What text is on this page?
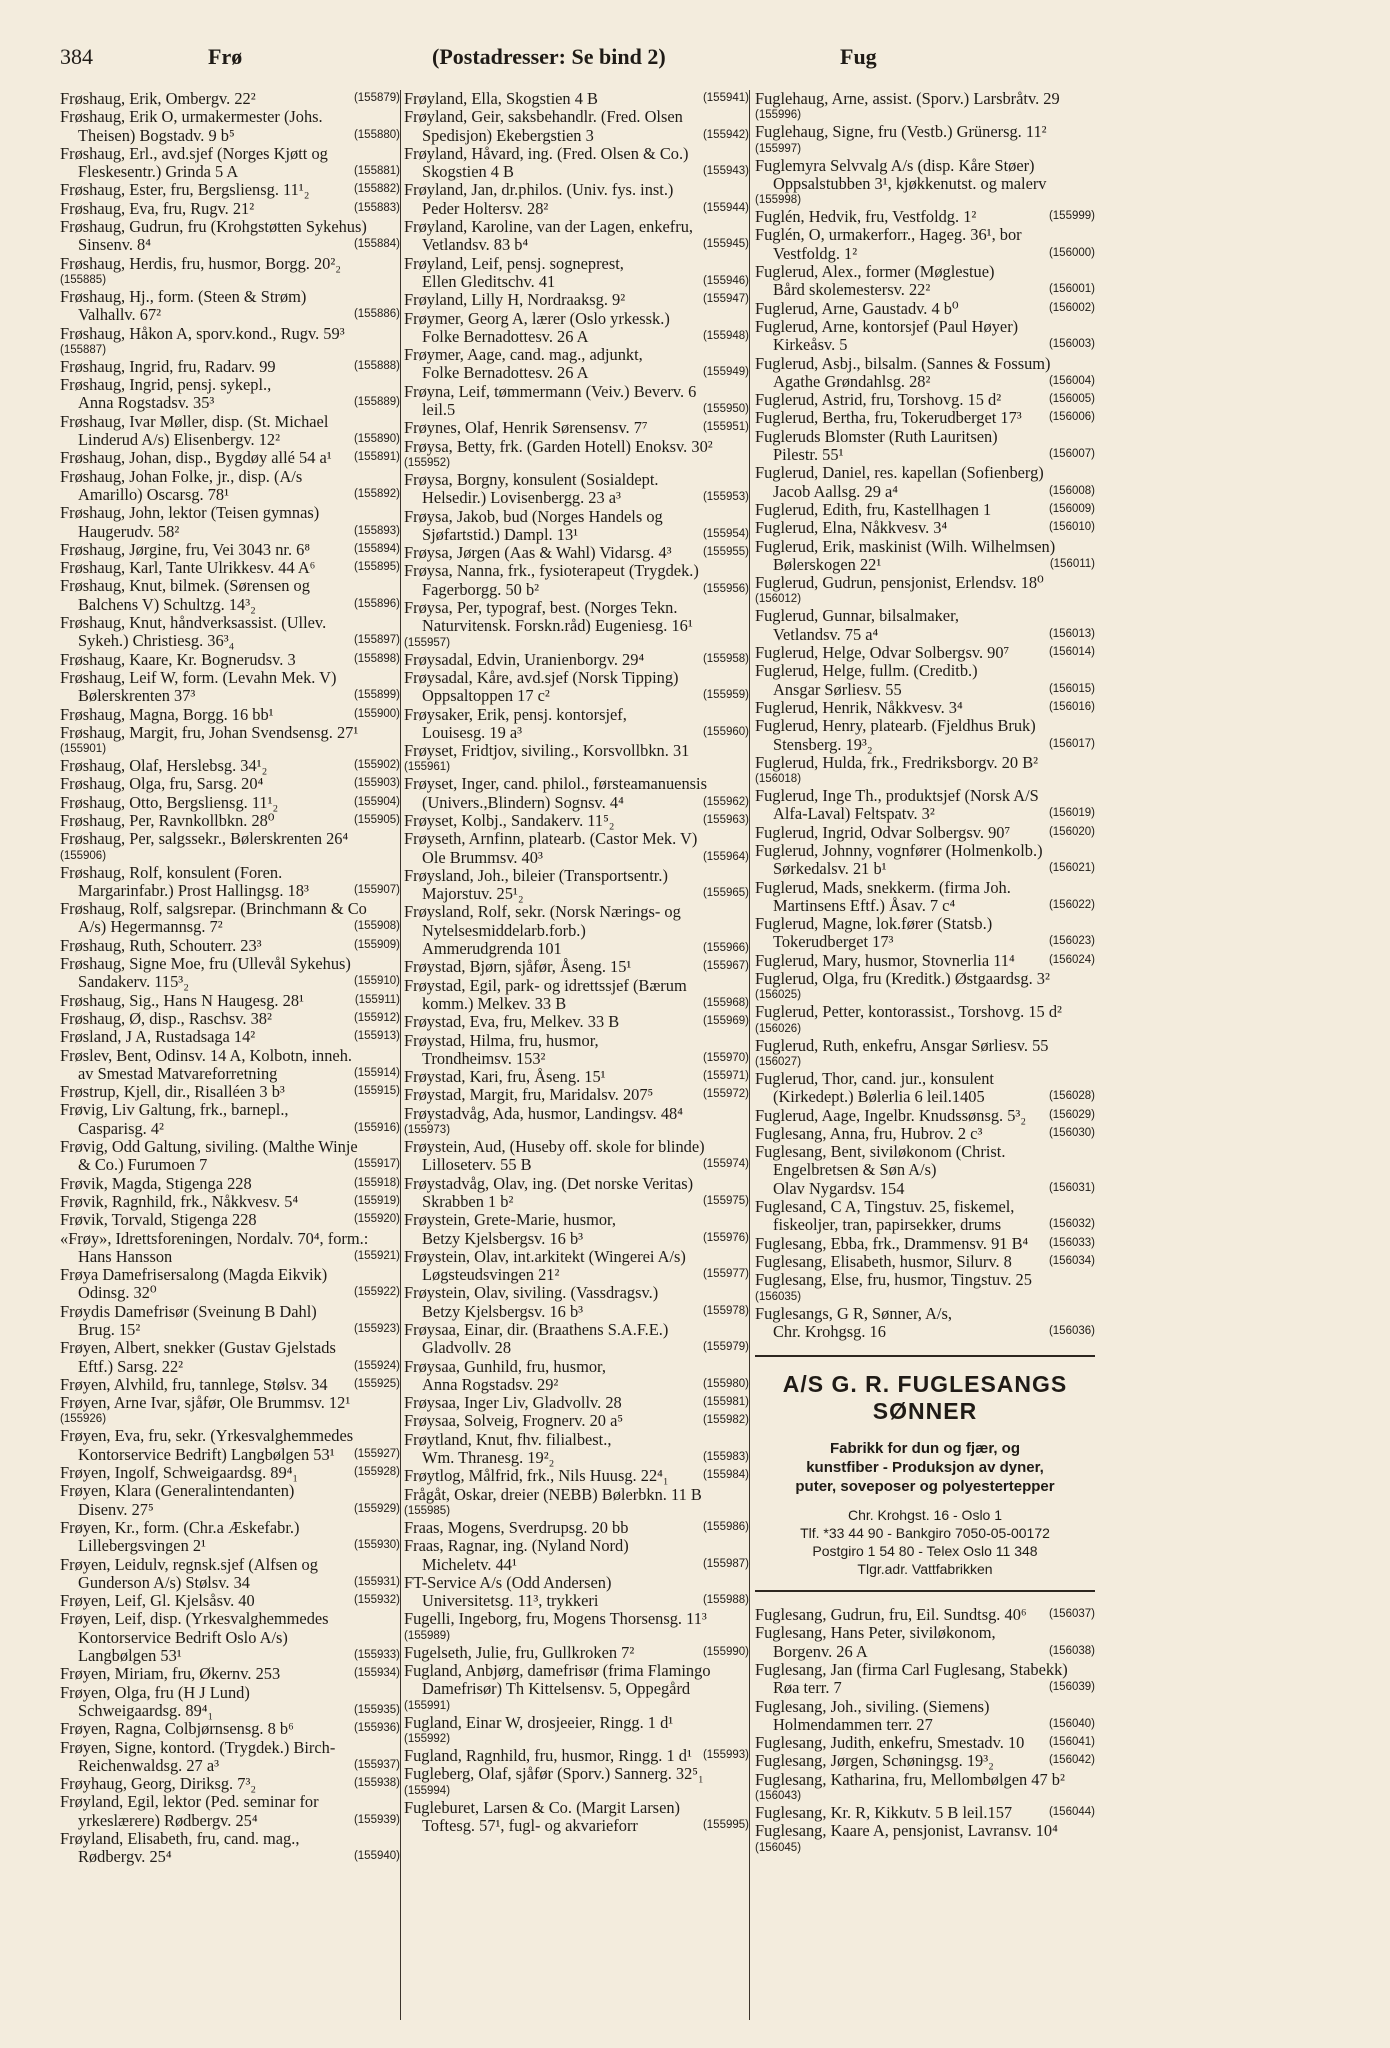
384	Frø	(Postadresser: Se bind 2)	Fug
Frøshaug, Erik, Ombergv. 22²	(155879)
Frøshaug, Erik O, urmakermester (Johs.
Theisen) Bogstadv. 9 b⁵	(155880)
Frøshaug, Erl., avd.sjef (Norges Kjøtt og
Fleskesentr.) Grinda 5 A	(155881)
Frøshaug, Ester, fru, Bergsliensg. 11¹₂	(155882)
Frøshaug, Eva, fru, Rugv. 21²	(155883)
Frøshaug, Gudrun, fru (Krohgstøtten Sykehus)
Sinsenv. 8⁴	(155884)
Frøshaug, Herdis, fru, husmor, Borgg. 20²₂
(155885)
Frøshaug, Hj., form. (Steen & Strøm)
Valhallv. 67²	(155886)
Frøshaug, Håkon A, sporv.kond., Rugv. 59³
(155887)
Frøshaug, Ingrid, fru, Radarv. 99	(155888)
Frøshaug, Ingrid, pensj. sykepl.,
Anna Rogstadsv. 35³	(155889)
Frøshaug, Ivar Møller, disp. (St. Michael
Linderud A/s) Elisenbergv. 12²	(155890)
Frøshaug, Johan, disp., Bygdøy allé 54 a¹	(155891)
Frøshaug, Johan Folke, jr., disp. (A/s
Amarillo) Oscarsg. 78¹	(155892)
Frøshaug, John, lektor (Teisen gymnas)
Haugerudv. 58²	(155893)
Frøshaug, Jørgine, fru, Vei 3043 nr. 6⁸	(155894)
Frøshaug, Karl, Tante Ulrikkesv. 44 A⁶	(155895)
Frøshaug, Knut, bilmek. (Sørensen og
Balchens V) Schultzg. 14³₂	(155896)
Frøshaug, Knut, håndverksassist. (Ullev.
Sykeh.) Christiesg. 36³₄	(155897)
Frøshaug, Kaare, Kr. Bognerudsv. 3	(155898)
Frøshaug, Leif W, form. (Levahn Mek. V)
Bølerskrenten 37³	(155899)
Frøshaug, Magna, Borgg. 16 bb¹	(155900)
Frøshaug, Margit, fru, Johan Svendsensg. 27¹
(155901)
Frøshaug, Olaf, Herslebsg. 34¹₂	(155902)
Frøshaug, Olga, fru, Sarsg. 20⁴	(155903)
Frøshaug, Otto, Bergsliensg. 11¹₂	(155904)
Frøshaug, Per, Ravnkollbkn. 28⁰	(155905)
Frøshaug, Per, salgssekr., Bølerskrenten 26⁴
(155906)
Frøshaug, Rolf, konsulent (Foren.
Margarinfabr.) Prost Hallingsg. 18³	(155907)
Frøshaug, Rolf, salgsrepar. (Brinchmann & Co
A/s) Hegermannsg. 7²	(155908)
Frøshaug, Ruth, Schouterr. 23³	(155909)
Frøshaug, Signe Moe, fru (Ullevål Sykehus)
Sandakerv. 115³₂	(155910)
Frøshaug, Sig., Hans N Haugesg. 28¹	(155911)
Frøshaug, Ø, disp., Raschsv. 38²	(155912)
Frøsland, J A, Rustadsaga 14²	(155913)
Frøslev, Bent, Odinsv. 14 A, Kolbotn, inneh.
av Smestad Matvareforretning	(155914)
Frøstrup, Kjell, dir., Risalléen 3 b³	(155915)
Frøvig, Liv Galtung, frk., barnepl.,
Casparisg. 4²	(155916)
Frøvig, Odd Galtung, siviling. (Malthe Winje
& Co.) Furumoen 7	(155917)
Frøvik, Magda, Stigenga 228	(155918)
Frøvik, Ragnhild, frk., Nåkkvesv. 5⁴	(155919)
Frøvik, Torvald, Stigenga 228	(155920)
«Frøy», Idrettsforeningen, Nordalv. 70⁴, form.:
Hans Hansson	(155921)
Frøya Damefrisersalong (Magda Eikvik)
Odinsg. 32⁰	(155922)
Frøydis Damefrisør (Sveinung B Dahl)
Brug. 15²	(155923)
Frøyen, Albert, snekker (Gustav Gjelstads
Eftf.) Sarsg. 22²	(155924)
Frøyen, Alvhild, fru, tannlege, Stølsv. 34	(155925)
Frøyen, Arne Ivar, sjåfør, Ole Brummsv. 12¹
(155926)
Frøyen, Eva, fru, sekr. (Yrkesvalghemmedes
Kontorservice Bedrift) Langbølgen 53¹	(155927)
Frøyen, Ingolf, Schweigaardsg. 89⁴₁	(155928)
Frøyen, Klara (Generalintendanten)
Disenv. 27⁵	(155929)
Frøyen, Kr., form. (Chr.a Æskefabr.)
Lillebergsvingen 2¹	(155930)
Frøyen, Leidulv, regnsk.sjef (Alfsen og
Gunderson A/s) Stølsv. 34	(155931)
Frøyen, Leif, Gl. Kjelsåsv. 40	(155932)
Frøyen, Leif, disp. (Yrkesvalghemmedes
Kontorservice Bedrift Oslo A/s)
Langbølgen 53¹	(155933)
Frøyen, Miriam, fru, Økernv. 253	(155934)
Frøyen, Olga, fru (H J Lund)
Schweigaardsg. 89⁴₁	(155935)
Frøyen, Ragna, Colbjørnsensg. 8 b⁶	(155936)
Frøyen, Signe, kontord. (Trygdek.) Birch-
Reichenwaldsg. 27 a³	(155937)
Frøyhaug, Georg, Diriksg. 7³₂	(155938)
Frøyland, Egil, lektor (Ped. seminar for
yrkeslærere) Rødbergv. 25⁴	(155939)
Frøyland, Elisabeth, fru, cand. mag.,
Rødbergv. 25⁴	(155940)
Frøyland, Ella, Skogstien 4 B	(155941)
Frøyland, Geir, saksbehandlr. (Fred. Olsen
Spedisjon) Ekebergstien 3	(155942)
Frøyland, Håvard, ing. (Fred. Olsen & Co.)
Skogstien 4 B	(155943)
Frøyland, Jan, dr.philos. (Univ. fys. inst.)
Peder Holtersv. 28²	(155944)
Frøyland, Karoline, van der Lagen, enkefru,
Vetlandsv. 83 b⁴	(155945)
Frøyland, Leif, pensj. sogneprest,
Ellen Gleditschv. 41	(155946)
Frøyland, Lilly H, Nordraaksg. 9²	(155947)
Frøymer, Georg A, lærer (Oslo yrkessk.)
Folke Bernadottesv. 26 A	(155948)
Frøymer, Aage, cand. mag., adjunkt,
Folke Bernadottesv. 26 A	(155949)
Frøyna, Leif, tømmermann (Veiv.) Beverv. 6
leil.5	(155950)
Frøynes, Olaf, Henrik Sørensensv. 7⁷	(155951)
Frøysa, Betty, frk. (Garden Hotell) Enoksv. 30²
(155952)
Frøysa, Borgny, konsulent (Sosialdept.
Helsedir.) Lovisenbergg. 23 a³	(155953)
Frøysa, Jakob, bud (Norges Handels og
Sjøfartstid.) Dampl. 13¹	(155954)
Frøysa, Jørgen (Aas & Wahl) Vidarsg. 4³	(155955)
Frøysa, Nanna, frk., fysioterapeut (Trygdek.)
Fagerborgg. 50 b²	(155956)
Frøysa, Per, typograf, best. (Norges Tekn.
Naturvitensk. Forskn.råd) Eugeniesg. 16¹
(155957)
Frøysadal, Edvin, Uranienborgv. 29⁴	(155958)
Frøysadal, Kåre, avd.sjef (Norsk Tipping)
Oppsaltoppen 17 c²	(155959)
Frøysaker, Erik, pensj. kontorsjef,
Louisesg. 19 a³	(155960)
Frøyset, Fridtjov, siviling., Korsvollbkn. 31
(155961)
Frøyset, Inger, cand. philol., førsteamanuensis
(Univers.,Blindern) Sognsv. 4⁴	(155962)
Frøyset, Kolbj., Sandakerv. 11⁵₂	(155963)
Frøyseth, Arnfinn, platearb. (Castor Mek. V)
Ole Brummsv. 40³	(155964)
Frøysland, Joh., bileier (Transportsentr.)
Majorstuv. 25¹₂	(155965)
Frøysland, Rolf, sekr. (Norsk Nærings- og
Nytelsesmiddelarb.forb.)
Ammerudgrenda 101	(155966)
Frøystad, Bjørn, sjåfør, Åseng. 15¹	(155967)
Frøystad, Egil, park- og idrettssjef (Bærum
komm.) Melkev. 33 B	(155968)
Frøystad, Eva, fru, Melkev. 33 B	(155969)
Frøystad, Hilma, fru, husmor,
Trondheimsv. 153²	(155970)
Frøystad, Kari, fru, Åseng. 15¹	(155971)
Frøystad, Margit, fru, Maridalsv. 207⁵	(155972)
Frøystadvåg, Ada, husmor, Landingsv. 48⁴
(155973)
Frøystein, Aud, (Huseby off. skole for blinde)
Lilloseterv. 55 B	(155974)
Frøystadvåg, Olav, ing. (Det norske Veritas)
Skrabben 1 b²	(155975)
Frøystein, Grete-Marie, husmor,
Betzy Kjelsbergsv. 16 b³	(155976)
Frøystein, Olav, int.arkitekt (Wingerei A/s)
Løgsteudsvingen 21²	(155977)
Frøystein, Olav, siviling. (Vassdragsv.)
Betzy Kjelsbergsv. 16 b³	(155978)
Frøysaa, Einar, dir. (Braathens S.A.F.E.)
Gladvollv. 28	(155979)
Frøysaa, Gunhild, fru, husmor,
Anna Rogstadsv. 29²	(155980)
Frøysaa, Inger Liv, Gladvollv. 28	(155981)
Frøysaa, Solveig, Frognerv. 20 a⁵	(155982)
Frøytland, Knut, fhv. filialbest.,
Wm. Thranesg. 19²₂	(155983)
Frøytlog, Målfrid, frk., Nils Huusg. 22⁴₁	(155984)
Frågåt, Oskar, dreier (NEBB) Bølerbkn. 11 B
(155985)
Fraas, Mogens, Sverdrupsg. 20 bb	(155986)
Fraas, Ragnar, ing. (Nyland Nord)
Micheletv. 44¹	(155987)
FT-Service A/s (Odd Andersen)
Universitetsg. 11³, trykkeri	(155988)
Fugelli, Ingeborg, fru, Mogens Thorsensg. 11³
(155989)
Fugelseth, Julie, fru, Gullkroken 7²	(155990)
Fugland, Anbjørg, damefrisør (frima Flamingo
Damefrisør) Th Kittelsensv. 5, Oppegård
(155991)
Fugland, Einar W, drosjeeier, Ringg. 1 d¹
(155992)
Fugland, Ragnhild, fru, husmor, Ringg. 1 d¹ (155993)
Fugleberg, Olaf, sjåfør (Sporv.) Sannerg. 32⁵₁
(155994)
Fugleburet, Larsen & Co. (Margit Larsen)
Toftesg. 57¹, fugl- og akvarieforr	(155995)
Fuglehaug, Arne, assist. (Sporv.) Larsbråtv. 29
(155996)
Fuglehaug, Signe, fru (Vestb.) Grünersg. 11²
(155997)
Fuglemyra Selvvalg A/s (disp. Kåre Støer)
Oppsalstubben 3¹, kjøkkenutst. og malerv
(155998)
Fuglén, Hedvik, fru, Vestfoldg. 1²	(155999)
Fuglén, O, urmakerforr., Hageg. 36¹, bor
Vestfoldg. 1²	(156000)
Fuglerud, Alex., former (Møglestue)
Bård skolemestersv. 22²	(156001)
Fuglerud, Arne, Gaustadv. 4 b⁰	(156002)
Fuglerud, Arne, kontorsjef (Paul Høyer)
Kirkeåsv. 5	(156003)
Fuglerud, Asbj., bilsalm. (Sannes & Fossum)
Agathe Grøndahlsg. 28²	(156004)
Fuglerud, Astrid, fru, Torshovg. 15 d²	(156005)
Fuglerud, Bertha, fru, Tokerudberget 17³	(156006)
Fugleruds Blomster (Ruth Lauritsen)
Pilestr. 55¹	(156007)
Fuglerud, Daniel, res. kapellan (Sofienberg)
Jacob Aallsg. 29 a⁴	(156008)
Fuglerud, Edith, fru, Kastellhagen 1	(156009)
Fuglerud, Elna, Nåkkvesv. 3⁴	(156010)
Fuglerud, Erik, maskinist (Wilh. Wilhelmsen)
Bølerskogen 22¹	(156011)
Fuglerud, Gudrun, pensjonist, Erlendsv. 18⁰
(156012)
Fuglerud, Gunnar, bilsalmaker,
Vetlandsv. 75 a⁴	(156013)
Fuglerud, Helge, Odvar Solbergsv. 90⁷	(156014)
Fuglerud, Helge, fullm. (Creditb.)
Ansgar Sørliesv. 55	(156015)
Fuglerud, Henrik, Nåkkvesv. 3⁴	(156016)
Fuglerud, Henry, platearb. (Fjeldhus Bruk)
Stensberg. 19³₂	(156017)
Fuglerud, Hulda, frk., Fredriksborgv. 20 B²
(156018)
Fuglerud, Inge Th., produktsjef (Norsk A/S
Alfa-Laval) Feltspatv. 3²	(156019)
Fuglerud, Ingrid, Odvar Solbergsv. 90⁷	(156020)
Fuglerud, Johnny, vognfører (Holmenkolb.)
Sørkedalsv. 21 b¹	(156021)
Fuglerud, Mads, snekkerm. (firma Joh.
Martinsens Eftf.) Åsav. 7 c⁴	(156022)
Fuglerud, Magne, lok.fører (Statsb.)
Tokerudberget 17³	(156023)
Fuglerud, Mary, husmor, Stovnerlia 11⁴	(156024)
Fuglerud, Olga, fru (Kreditk.) Østgaardsg. 3²
(156025)
Fuglerud, Petter, kontorassist., Torshovg. 15 d²
(156026)
Fuglerud, Ruth, enkefru, Ansgar Sørliesv. 55
(156027)
Fuglerud, Thor, cand. jur., konsulent
(Kirkedept.) Bølerlia 6 leil.1405	(156028)
Fuglerud, Aage, Ingelbr. Knudssønsg. 5³₂	(156029)
Fuglesang, Anna, fru, Hubrov. 2 c³	(156030)
Fuglesang, Bent, siviløkonom (Christ.
Engelbretsen & Søn A/s)
Olav Nygardsv. 154	(156031)
Fuglesand, C A, Tingstuv. 25, fiskemel,
fiskeoljer, tran, papirsekker, drums	(156032)
Fuglesang, Ebba, frk., Drammensv. 91 B⁴	(156033)
Fuglesang, Elisabeth, husmor, Silurv. 8	(156034)
Fuglesang, Else, fru, husmor, Tingstuv. 25
(156035)
Fuglesangs, G R, Sønner, A/s,
Chr. Krohgsg. 16	(156036)
A/S G. R. FUGLESANGS SØNNER
Fabrikk for dun og fjær, og
kunstfiber - Produksjon av dyner,
puter, soveposer og polyestertepper
Chr. Krohgst. 16 - Oslo 1
Tlf. *33 44 90 - Bankgiro 7050-05-00172
Postgiro 1 54 80 - Telex Oslo 11 348
Tlgr.adr. Vattfabrikken
Fuglesang, Gudrun, fru, Eil. Sundtsg. 40⁶	(156037)
Fuglesang, Hans Peter, siviløkonom,
Borgenv. 26 A	(156038)
Fuglesang, Jan (firma Carl Fuglesang, Stabekk)
Røa terr. 7	(156039)
Fuglesang, Joh., siviling. (Siemens)
Holmendammen terr. 27	(156040)
Fuglesang, Judith, enkefru, Smestadv. 10	(156041)
Fuglesang, Jørgen, Schøningsg. 19³₂	(156042)
Fuglesang, Katharina, fru, Mellombølgen 47 b²
(156043)
Fuglesang, Kr. R, Kikkutv. 5 B leil.157	(156044)
Fuglesang, Kaare A, pensjonist, Lavransv. 10⁴
(156045)
